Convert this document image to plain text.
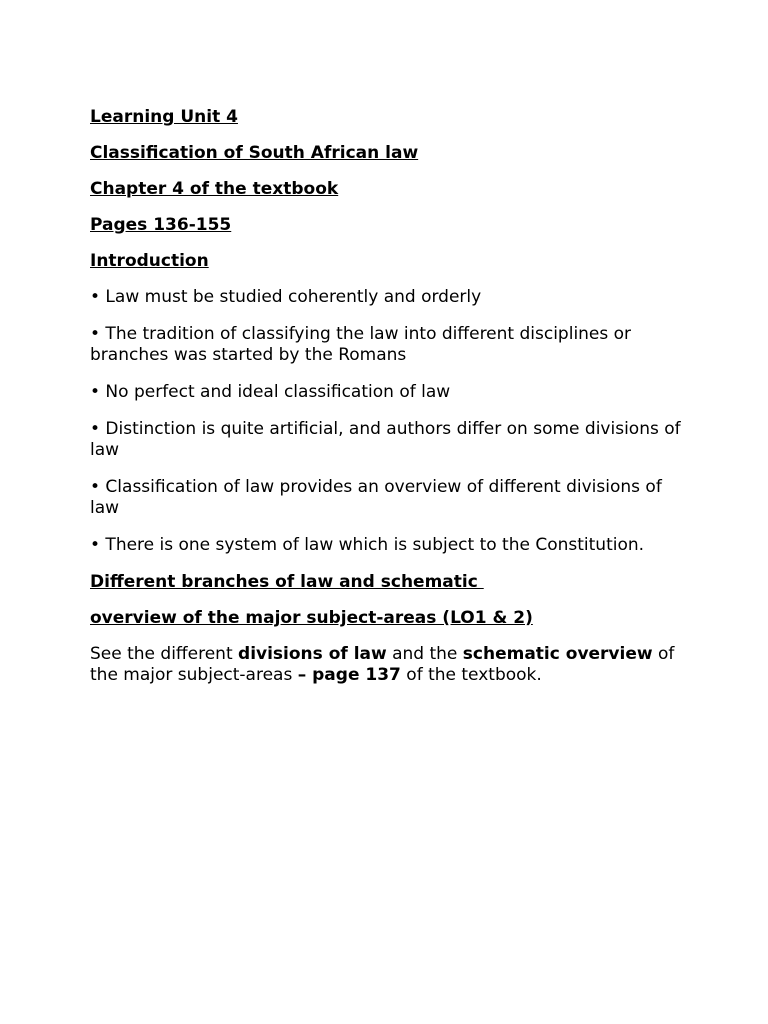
Learning Unit 4
Classification of South African law
Chapter 4 of the textbook
Pages 136-155
Introduction
• Law must be studied coherently and orderly
• The tradition of classifying the law into different disciplines or branches was started by the Romans
• No perfect and ideal classification of law
• Distinction is quite artificial, and authors differ on some divisions of law
• Classification of law provides an overview of different divisions of law
• There is one system of law which is subject to the Constitution.
Different branches of law and schematic
overview of the major subject-areas (LO1 & 2)

See the different divisions of law and the schematic overview of the major subject-areas – page 137 of the textbook.
